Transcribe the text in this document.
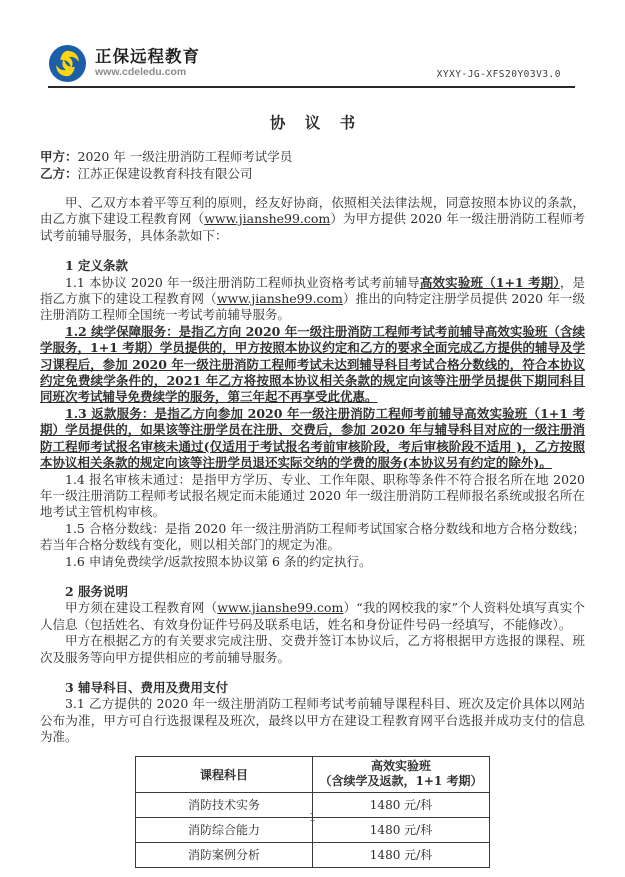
正保远程教育
www.cdeledu.com	XYXY-JG-XFS20Y03V3.0
协 议 书
甲方：2020 年 一级注册消防工程师考试学员
乙方：江苏正保建设教育科技有限公司

甲、乙双方本着平等互利的原则，经友好协商，依照相关法律法规，同意按照本协议的条款，由乙方旗下建设工程教育网（www.jianshe99.com）为甲方提供 2020 年一级注册消防工程师考试考前辅导服务，具体条款如下：

1 定义条款

1.1 本协议 2020 年一级注册消防工程师执业资格考试考前辅导高效实验班（1+1 考期），是指乙方旗下的建设工程教育网（www.jianshe99.com）推出的向特定注册学员提供 2020 年一级注册消防工程师全国统一考试考前辅导服务。

1.2 续学保障服务：是指乙方向 2020 年一级注册消防工程师考试考前辅导高效实验班（含续学服务，1+1 考期）学员提供的，甲方按照本协议约定和乙方的要求全面完成乙方提供的辅导及学习课程后，参加 2020 年一级注册消防工程师考试未达到辅导科目考试合格分数线的，符合本协议约定免费续学条件的，2021 年乙方将按照本协议相关条款的规定向该等注册学员提供下期同科目同班次考试辅导免费续学的服务，第三年起不再享受此优惠。

1.3 返款服务：是指乙方向参加 2020 年一级注册消防工程师考前辅导高效实验班（1+1 考期）学员提供的，如果该等注册学员在注册、交费后，参加 2020 年与辅导科目对应的一级注册消防工程师考试报名审核未通过(仅适用于考试报名考前审核阶段，考后审核阶段不适用 )，乙方按照本协议相关条款的规定向该等注册学员退还实际交纳的学费的服务(本协议另有约定的除外)。

1.4 报名审核未通过：是指甲方学历、专业、工作年限、职称等条件不符合报名所在地 2020 年一级注册消防工程师考试报名规定而未能通过 2020 年一级注册消防工程师报名系统或报名所在地考试主管机构审核。

1.5 合格分数线：是指 2020 年一级注册消防工程师考试国家合格分数线和地方合格分数线；若当年合格分数线有变化，则以相关部门的规定为准。

1.6 申请免费续学/返款按照本协议第 6 条的约定执行。

2 服务说明

甲方须在建设工程教育网（www.jianshe99.com）“我的网校我的家”个人资料处填写真实个人信息（包括姓名、有效身份证件号码及联系电话，姓名和身份证件号码一经填写，不能修改）。

甲方在根据乙方的有关要求完成注册、交费并签订本协议后，乙方将根据甲方选报的课程、班次及服务等向甲方提供相应的考前辅导服务。

3 辅导科目、费用及费用支付

3.1 乙方提供的 2020 年一级注册消防工程师考试考前辅导课程科目、班次及定价具体以网站公布为准，甲方可自行选报课程及班次，最终以甲方在建设工程教育网平台选报并成功支付的信息为准。

课程科目	高效实验班
（含续学及返款，1+1 考期）

消防技术实务	1480 元/科
消防综合能力	1480 元/科
消防案例分析	1480 元/科
1
